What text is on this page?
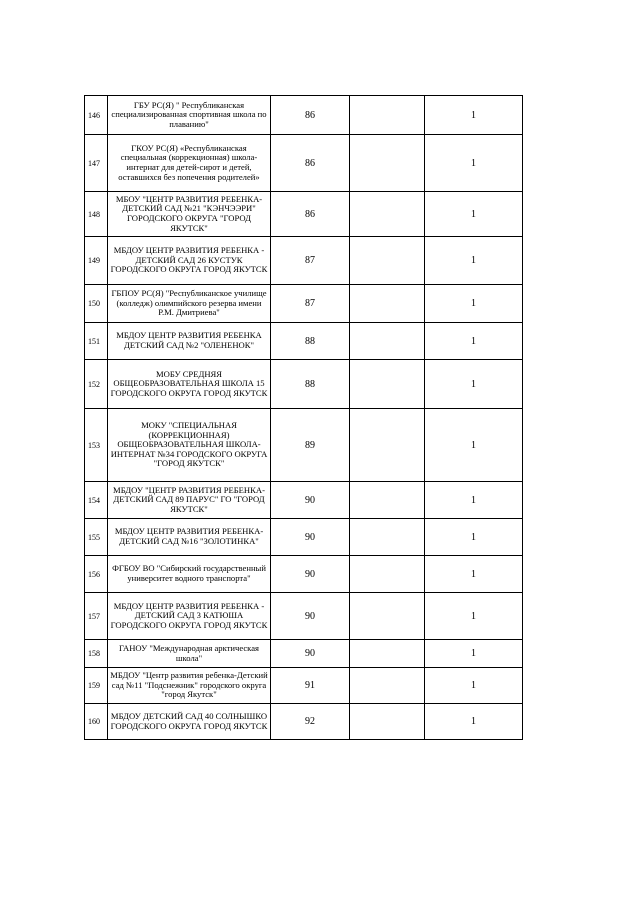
146	ГБУ РС(Я) " Республиканская специализированная спортивная школа по плаванию"	86		1
147	ГКОУ РС(Я) «Республиканская специальная (коррекционная) школа-интернат для детей-сирот и детей, оставшихся без попечения родителей»	86		1
148	МБОУ "ЦЕНТР РАЗВИТИЯ РЕБЕНКА-ДЕТСКИЙ САД №21 "КЭНЧЭЭРИ" ГОРОДСКОГО ОКРУГА "ГОРОД ЯКУТСК"	86		1
149	МБДОУ ЦЕНТР РАЗВИТИЯ РЕБЕНКА - ДЕТСКИЙ САД 26 КУСТУК ГОРОДСКОГО ОКРУГА ГОРОД ЯКУТСК	87		1
150	ГБПОУ РС(Я) "Республиканское училище (колледж) олимпийского резерва имени Р.М. Дмитриева"	87		1
151	МБДОУ ЦЕНТР РАЗВИТИЯ РЕБЕНКА ДЕТСКИЙ САД №2 "ОЛЕНЕНОК"	88		1
152	МОБУ СРЕДНЯЯ ОБЩЕОБРАЗОВАТЕЛЬНАЯ ШКОЛА 15 ГОРОДСКОГО ОКРУГА ГОРОД ЯКУТСК	88		1
153	МОКУ "СПЕЦИАЛЬНАЯ (КОРРЕКЦИОННАЯ) ОБЩЕОБРАЗОВАТЕЛЬНАЯ ШКОЛА-ИНТЕРНАТ №34 ГОРОДСКОГО ОКРУГА "ГОРОД ЯКУТСК"	89		1
154	МБДОУ "ЦЕНТР РАЗВИТИЯ РЕБЕНКА-ДЕТСКИЙ САД 89 ПАРУС" ГО "ГОРОД ЯКУТСК"	90		1
155	МБДОУ ЦЕНТР РАЗВИТИЯ РЕБЕНКА-ДЕТСКИЙ САД №16 "ЗОЛОТИНКА"	90		1
156	ФГБОУ ВО "Сибирский государственный университет водного транспорта"	90		1
157	МБДОУ ЦЕНТР РАЗВИТИЯ РЕБЕНКА - ДЕТСКИЙ САД 3 КАТЮША ГОРОДСКОГО ОКРУГА ГОРОД ЯКУТСК	90		1
158	ГАНОУ "Международная арктическая школа"	90		1
159	МБДОУ "Центр развития ребенка-Детский сад №11 "Подснежник" городского округа "город Якутск"	91		1
160	МБДОУ ДЕТСКИЙ САД 40 СОЛНЫШКО ГОРОДСКОГО ОКРУГА ГОРОД ЯКУТСК	92		1
